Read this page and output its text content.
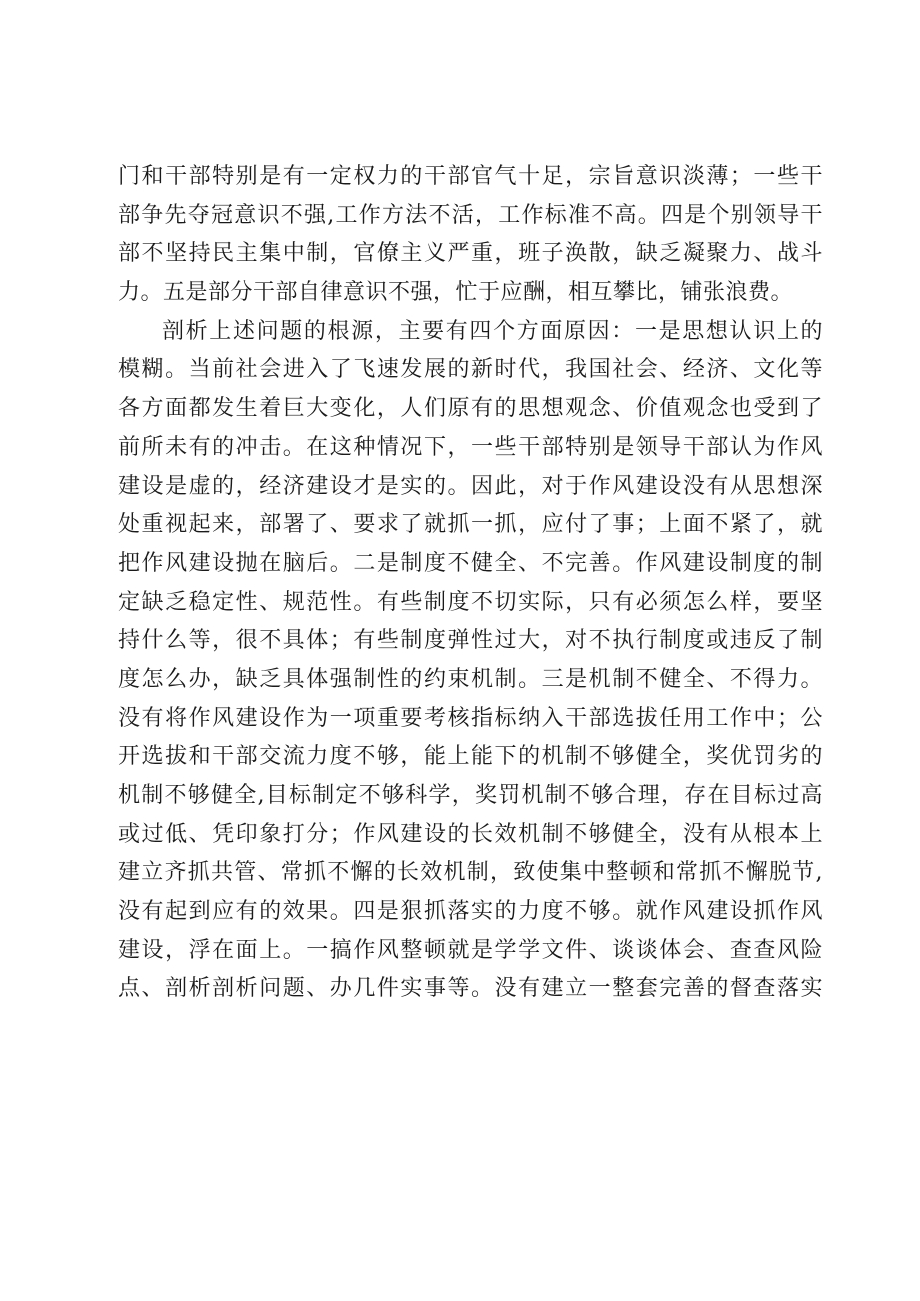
门和干部特别是有一定权力的干部官气十足，宗旨意识淡薄；一些干
部争先夺冠意识不强,工作方法不活，工作标准不高。四是个别领导干
部不坚持民主集中制，官僚主义严重，班子涣散，缺乏凝聚力、战斗
力。五是部分干部自律意识不强，忙于应酬，相互攀比，铺张浪费。
剖析上述问题的根源，主要有四个方面原因：一是思想认识上的
模糊。当前社会进入了飞速发展的新时代，我国社会、经济、文化等
各方面都发生着巨大变化，人们原有的思想观念、价值观念也受到了
前所未有的冲击。在这种情况下，一些干部特别是领导干部认为作风
建设是虚的，经济建设才是实的。因此，对于作风建设没有从思想深
处重视起来，部署了、要求了就抓一抓，应付了事；上面不紧了，就
把作风建设抛在脑后。二是制度不健全、不完善。作风建设制度的制
定缺乏稳定性、规范性。有些制度不切实际，只有必须怎么样，要坚
持什么等，很不具体；有些制度弹性过大，对不执行制度或违反了制
度怎么办，缺乏具体强制性的约束机制。三是机制不健全、不得力。
没有将作风建设作为一项重要考核指标纳入干部选拔任用工作中；公
开选拔和干部交流力度不够，能上能下的机制不够健全，奖优罚劣的
机制不够健全,目标制定不够科学，奖罚机制不够合理，存在目标过高
或过低、凭印象打分；作风建设的长效机制不够健全，没有从根本上
建立齐抓共管、常抓不懈的长效机制，致使集中整顿和常抓不懈脱节,
没有起到应有的效果。四是狠抓落实的力度不够。就作风建设抓作风
建设，浮在面上。一搞作风整顿就是学学文件、谈谈体会、查查风险
点、剖析剖析问题、办几件实事等。没有建立一整套完善的督查落实
